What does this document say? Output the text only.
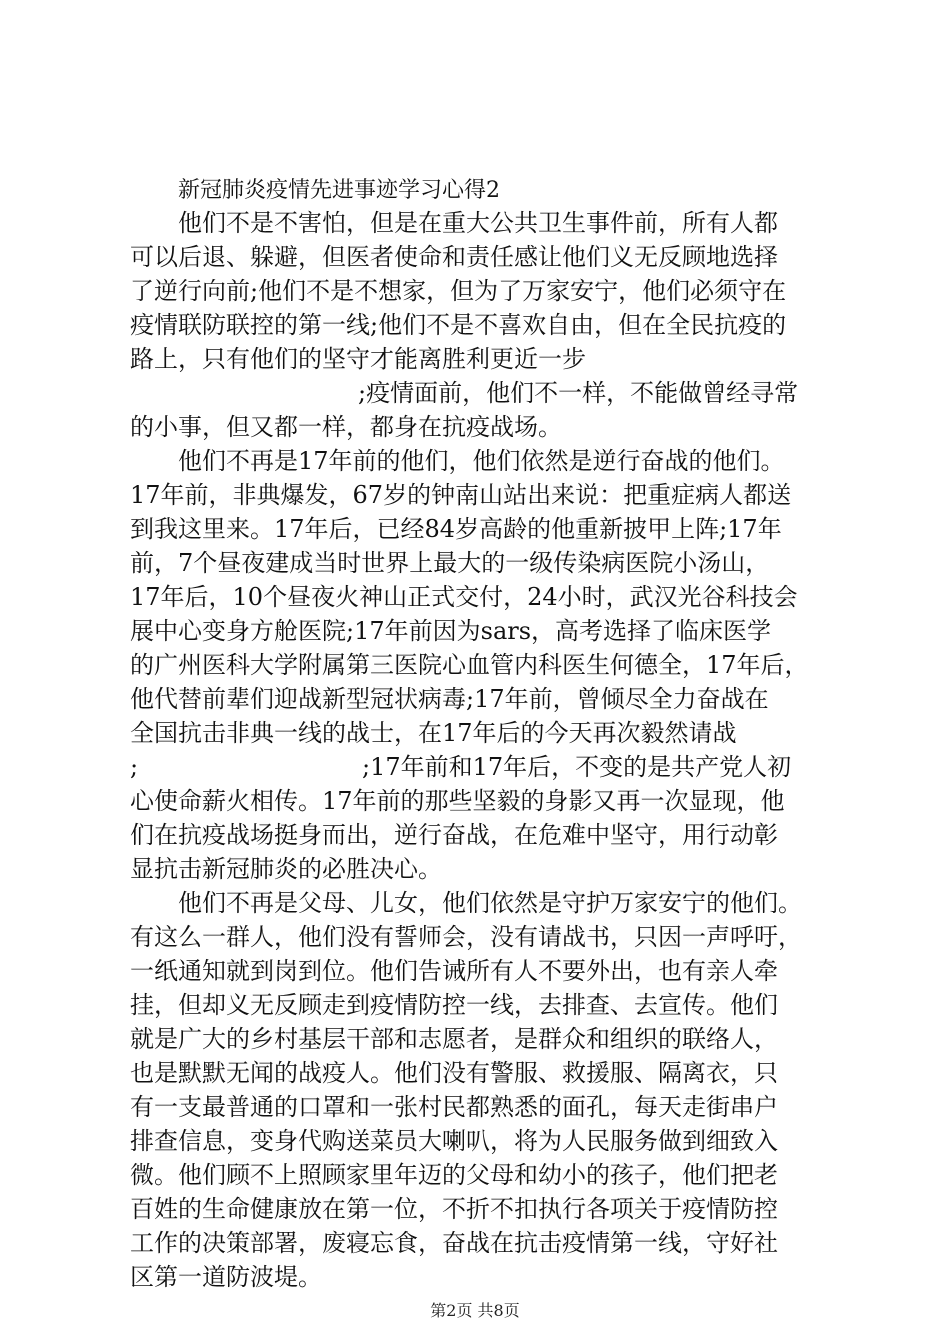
新冠肺炎疫情先进事迹学习心得2
他们不是不害怕，但是在重大公共卫生事件前，所有人都
可以后退、躲避，但医者使命和责任感让他们义无反顾地选择
了逆行向前;他们不是不想家，但为了万家安宁，他们必须守在
疫情联防联控的第一线;他们不是不喜欢自由，但在全民抗疫的
路上，只有他们的坚守才能离胜利更近一步
;疫情面前，他们不一样，不能做曾经寻常
的小事，但又都一样，都身在抗疫战场。
他们不再是17年前的他们，他们依然是逆行奋战的他们。
17年前，非典爆发，67岁的钟南山站出来说：把重症病人都送
到我这里来。17年后，已经84岁高龄的他重新披甲上阵;17年
前，7个昼夜建成当时世界上最大的一级传染病医院小汤山，
17年后，10个昼夜火神山正式交付，24小时，武汉光谷科技会
展中心变身方舱医院;17年前因为sars，高考选择了临床医学
的广州医科大学附属第三医院心血管内科医生何德全，17年后，
他代替前辈们迎战新型冠状病毒;17年前，曾倾尽全力奋战在
全国抗击非典一线的战士，在17年后的今天再次毅然请战
;	;17年前和17年后，不变的是共产党人初
心使命薪火相传。17年前的那些坚毅的身影又再一次显现，他
们在抗疫战场挺身而出，逆行奋战，在危难中坚守，用行动彰
显抗击新冠肺炎的必胜决心。
他们不再是父母、儿女，他们依然是守护万家安宁的他们。
有这么一群人，他们没有誓师会，没有请战书，只因一声呼吁，
一纸通知就到岗到位。他们告诫所有人不要外出，也有亲人牵
挂，但却义无反顾走到疫情防控一线，去排查、去宣传。他们
就是广大的乡村基层干部和志愿者，是群众和组织的联络人，
也是默默无闻的战疫人。他们没有警服、救援服、隔离衣，只
有一支最普通的口罩和一张村民都熟悉的面孔，每天走街串户
排查信息，变身代购送菜员大喇叭，将为人民服务做到细致入
微。他们顾不上照顾家里年迈的父母和幼小的孩子，他们把老
百姓的生命健康放在第一位，不折不扣执行各项关于疫情防控
工作的决策部署，废寝忘食，奋战在抗击疫情第一线，守好社
区第一道防波堤。
第2页 共8页
